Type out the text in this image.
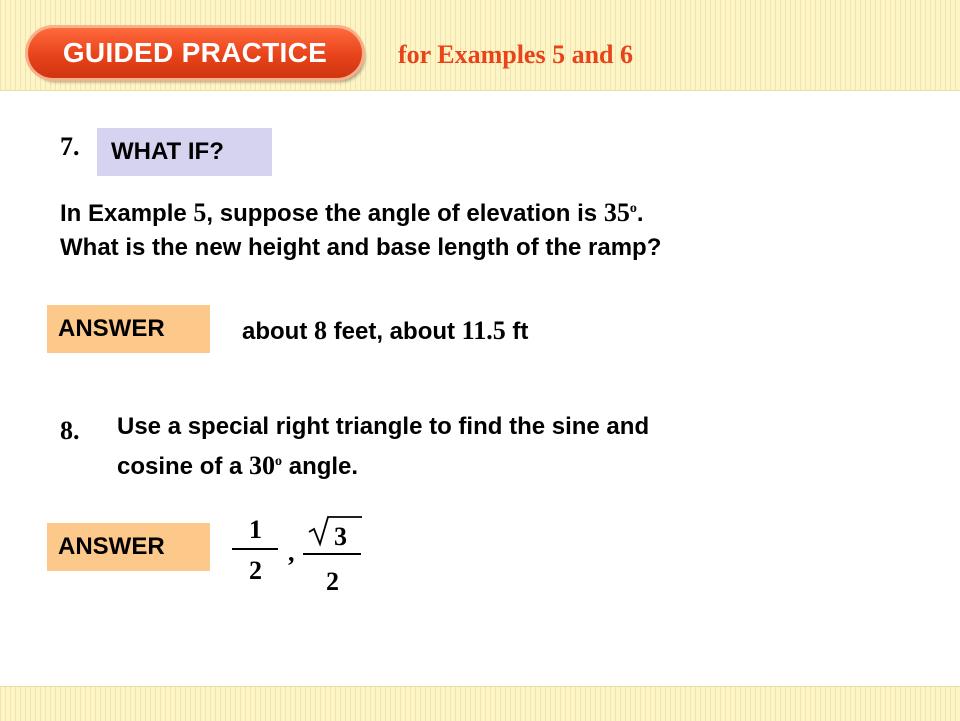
GUIDED PRACTICE	for Examples 5 and 6
7. WHAT IF?
In Example 5, suppose the angle of elevation is 35$^o$.
What is the new height and base length of the ramp?
ANSWER	about 8 feet, about 11.5 ft
8. Use a special right triangle to find the sine and
cosine of a 30$^o$ angle.
ANSWER
1
2
,
3
2
